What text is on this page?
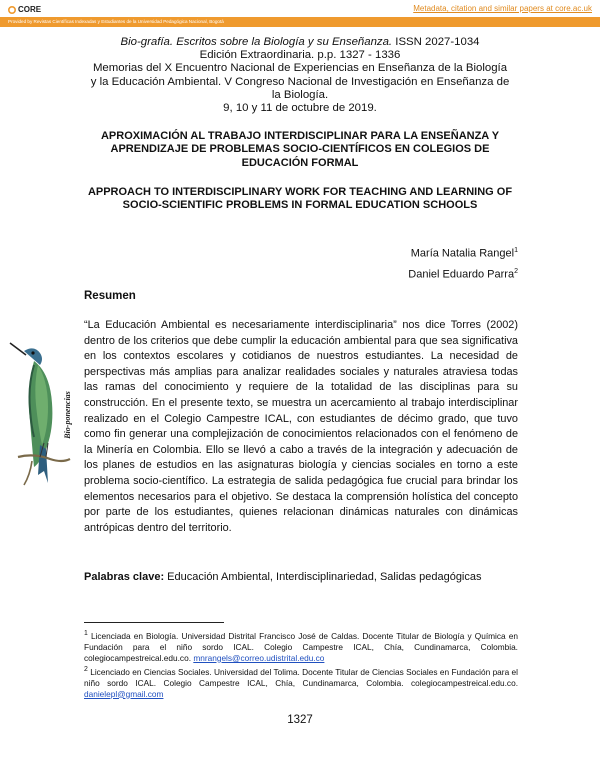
CORE	Metadata, citation and similar papers at core.ac.uk
Provided by Revistas Científicas Indexadas y Estudiantes de la Universidad Pedagógica Nacional, Bogotá
Bio-grafía. Escritos sobre la Biología y su Enseñanza. ISSN 2027-1034
Edición Extraordinaria. p.p. 1327 - 1336
Memorias del X Encuentro Nacional de Experiencias en Enseñanza de la Biología
y la Educación Ambiental. V Congreso Nacional de Investigación en Enseñanza de
la Biología.
9, 10 y 11 de octubre de 2019.
APROXIMACIÓN AL TRABAJO INTERDISCIPLINAR PARA LA ENSEÑANZA Y APRENDIZAJE DE PROBLEMAS SOCIO-CIENTÍFICOS EN COLEGIOS DE EDUCACIÓN FORMAL
APPROACH TO INTERDISCIPLINARY WORK FOR TEACHING AND LEARNING OF SOCIO-SCIENTIFIC PROBLEMS IN FORMAL EDUCATION SCHOOLS
María Natalia Rangel$^1$
Daniel Eduardo Parra$^2$
Bio-ponencias
Resumen
“La Educación Ambiental es necesariamente interdisciplinaria” nos dice Torres (2002) dentro de los criterios que debe cumplir la educación ambiental para que sea significativa en los contextos escolares y cotidianos de nuestros estudiantes. La necesidad de perspectivas más amplias para analizar realidades sociales y naturales atraviesa todas las ramas del conocimiento y requiere de la totalidad de las disciplinas para su construcción. En el presente texto, se muestra un acercamiento al trabajo interdisciplinar realizado en el Colegio Campestre ICAL, con estudiantes de décimo grado, que tuvo como fin generar una complejización de conocimientos relacionados con el fenómeno de la Minería en Colombia. Ello se llevó a cabo a través de la integración y adecuación de los planes de estudios en las asignaturas biología y ciencias sociales en torno a este problema socio-científico. La estrategia de salida pedagógica fue crucial para brindar los elementos necesarios para el objetivo. Se destaca la comprensión holística del concepto por parte de los estudiantes, quienes relacionan dinámicas naturales con dinámicas antrópicas dentro del territorio.
Palabras clave: Educación Ambiental, Interdisciplinariedad, Salidas pedagógicas

$^1$ Licenciada en Biología. Universidad Distrital Francisco José de Caldas. Docente Titular de Biología y Química en Fundación para el niño sordo ICAL. Colegio Campestre ICAL, Chía, Cundinamarca, Colombia. colegiocampestreical.edu.co. mnrangels@correo.udistrital.edu.co

$^2$ Licenciado en Ciencias Sociales. Universidad del Tolima. Docente Titular de Ciencias Sociales en Fundación para el niño sordo ICAL. Colegio Campestre ICAL, Chía, Cundinamarca, Colombia. colegiocampestreical.edu.co. danielepl@gmail.com

1327
